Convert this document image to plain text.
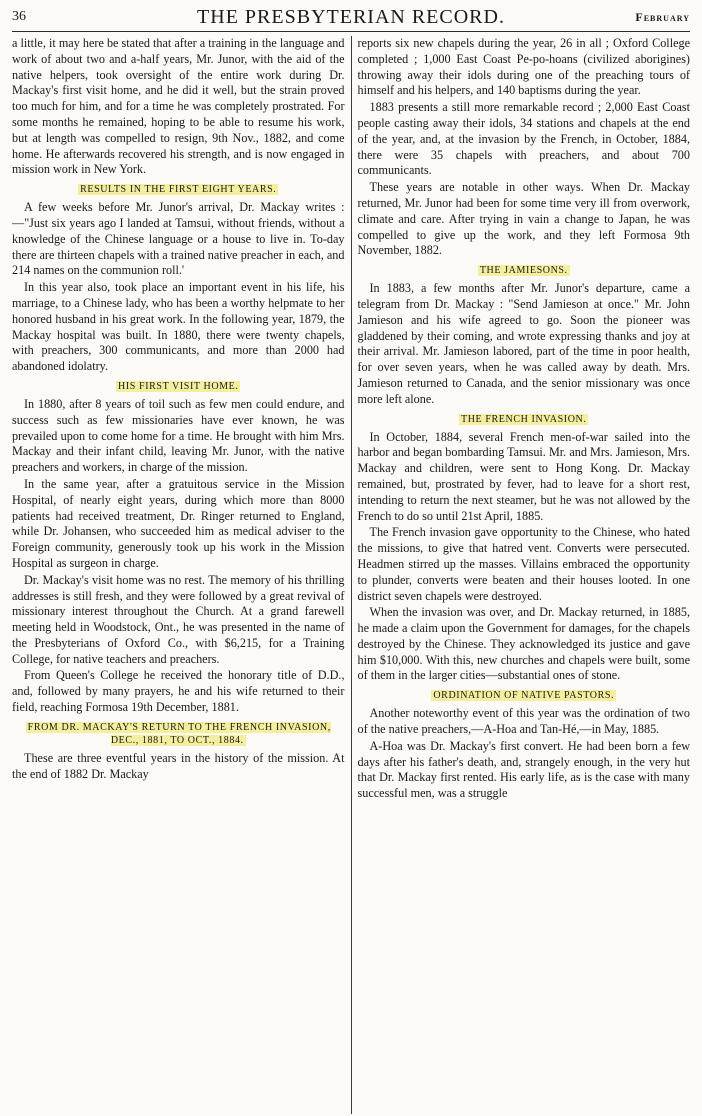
36	THE PRESBYTERIAN RECORD.	February

a little, it may here be stated that after a training in the language and work of about two and a-half years, Mr. Junor, with the aid of the native helpers, took oversight of the entire work during Dr. Mackay's first visit home, and he did it well, but the strain proved too much for him, and for a time he was completely prostrated. For some months he remained, hoping to be able to resume his work, but at length was compelled to resign, 9th Nov., 1882, and come home. He afterwards recovered his strength, and is now engaged in mission work in New York.

RESULTS IN THE FIRST EIGHT YEARS.

A few weeks before Mr. Junor's arrival, Dr. Mackay writes :—"Just six years ago I landed at Tamsui, without friends, without a knowledge of the Chinese language or a house to live in. To-day there are thirteen chapels with a trained native preacher in each, and 214 names on the communion roll.'

In this year also, took place an important event in his life, his marriage, to a Chinese lady, who has been a worthy helpmate to her honored husband in his great work. In the following year, 1879, the Mackay hospital was built. In 1880, there were twenty chapels, with preachers, 300 communicants, and more than 2000 had abandoned idolatry.

HIS FIRST VISIT HOME.

In 1880, after 8 years of toil such as few men could endure, and success such as few missionaries have ever known, he was prevailed upon to come home for a time. He brought with him Mrs. Mackay and their infant child, leaving Mr. Junor, with the native preachers and workers, in charge of the mission.

In the same year, after a gratuitous service in the Mission Hospital, of nearly eight years, during which more than 8000 patients had received treatment, Dr. Ringer returned to England, while Dr. Johansen, who succeeded him as medical adviser to the Foreign community, generously took up his work in the Mission Hospital as surgeon in charge.

Dr. Mackay's visit home was no rest. The memory of his thrilling addresses is still fresh, and they were followed by a great revival of missionary interest throughout the Church. At a grand farewell meeting held in Woodstock, Ont., he was presented in the name of the Presbyterians of Oxford Co., with $6,215, for a Training College, for native teachers and preachers.

From Queen's College he received the honorary title of D.D., and, followed by many prayers, he and his wife returned to their field, reaching Formosa 19th December, 1881.

FROM DR. MACKAY'S RETURN TO THE FRENCH INVASION, DEC., 1881, TO OCT., 1884.

These are three eventful years in the history of the mission. At the end of 1882 Dr. Mackay

reports six new chapels during the year, 26 in all ; Oxford College completed ; 1,000 East Coast Pe-po-hoans (civilized aborigines) throwing away their idols during one of the preaching tours of himself and his helpers, and 140 baptisms during the year.

1883 presents a still more remarkable record ; 2,000 East Coast people casting away their idols, 34 stations and chapels at the end of the year, and, at the invasion by the French, in October, 1884, there were 35 chapels with preachers, and about 700 communicants.

These years are notable in other ways. When Dr. Mackay returned, Mr. Junor had been for some time very ill from overwork, climate and care. After trying in vain a change to Japan, he was compelled to give up the work, and they left Formosa 9th November, 1882.

THE JAMIESONS.

In 1883, a few months after Mr. Junor's departure, came a telegram from Dr. Mackay : "Send Jamieson at once." Mr. John Jamieson and his wife agreed to go. Soon the pioneer was gladdened by their coming, and wrote expressing thanks and joy at their arrival. Mr. Jamieson labored, part of the time in poor health, for over seven years, when he was called away by death. Mrs. Jamieson returned to Canada, and the senior missionary was once more left alone.

THE FRENCH INVASION.

In October, 1884, several French men-of-war sailed into the harbor and began bombarding Tamsui. Mr. and Mrs. Jamieson, Mrs. Mackay and children, were sent to Hong Kong. Dr. Mackay remained, but, prostrated by fever, had to leave for a short rest, intending to return the next steamer, but he was not allowed by the French to do so until 21st April, 1885.

The French invasion gave opportunity to the Chinese, who hated the missions, to give that hatred vent. Converts were persecuted. Headmen stirred up the masses. Villains embraced the opportunity to plunder, converts were beaten and their houses looted. In one district seven chapels were destroyed.

When the invasion was over, and Dr. Mackay returned, in 1885, he made a claim upon the Government for damages, for the chapels destroyed by the Chinese. They acknowledged its justice and gave him $10,000. With this, new churches and chapels were built, some of them in the larger cities—substantial ones of stone.

ORDINATION OF NATIVE PASTORS.

Another noteworthy event of this year was the ordination of two of the native preachers,—A-Hoa and Tan-Hé,—in May, 1885.

A-Hoa was Dr. Mackay's first convert. He had been born a few days after his father's death, and, strangely enough, in the very hut that Dr. Mackay first rented. His early life, as is the case with many successful men, was a struggle
